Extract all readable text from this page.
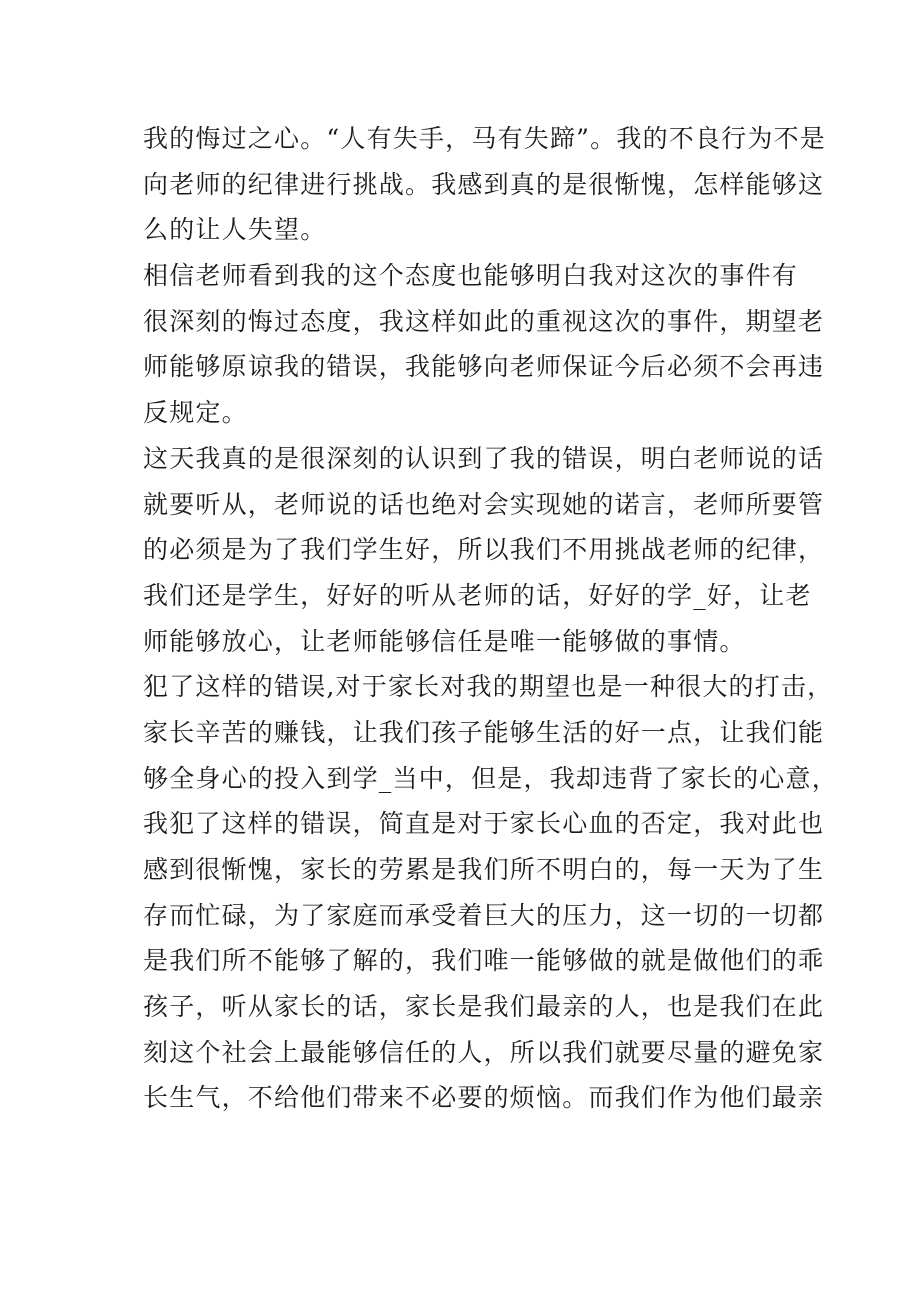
我的悔过之心。“人有失手，马有失蹄”。我的不良行为不是
向老师的纪律进行挑战。我感到真的是很惭愧，怎样能够这
么的让人失望。
相信老师看到我的这个态度也能够明白我对这次的事件有
很深刻的悔过态度，我这样如此的重视这次的事件，期望老
师能够原谅我的错误，我能够向老师保证今后必须不会再违
反规定。
这天我真的是很深刻的认识到了我的错误，明白老师说的话
就要听从，老师说的话也绝对会实现她的诺言，老师所要管
的必须是为了我们学生好，所以我们不用挑战老师的纪律，
我们还是学生，好好的听从老师的话，好好的学_好，让老
师能够放心，让老师能够信任是唯一能够做的事情。
犯了这样的错误,对于家长对我的期望也是一种很大的打击，
家长辛苦的赚钱，让我们孩子能够生活的好一点，让我们能
够全身心的投入到学_当中，但是，我却违背了家长的心意，
我犯了这样的错误，简直是对于家长心血的否定，我对此也
感到很惭愧，家长的劳累是我们所不明白的，每一天为了生
存而忙碌，为了家庭而承受着巨大的压力，这一切的一切都
是我们所不能够了解的，我们唯一能够做的就是做他们的乖
孩子，听从家长的话，家长是我们最亲的人，也是我们在此
刻这个社会上最能够信任的人，所以我们就要尽量的避免家
长生气，不给他们带来不必要的烦恼。而我们作为他们最亲
